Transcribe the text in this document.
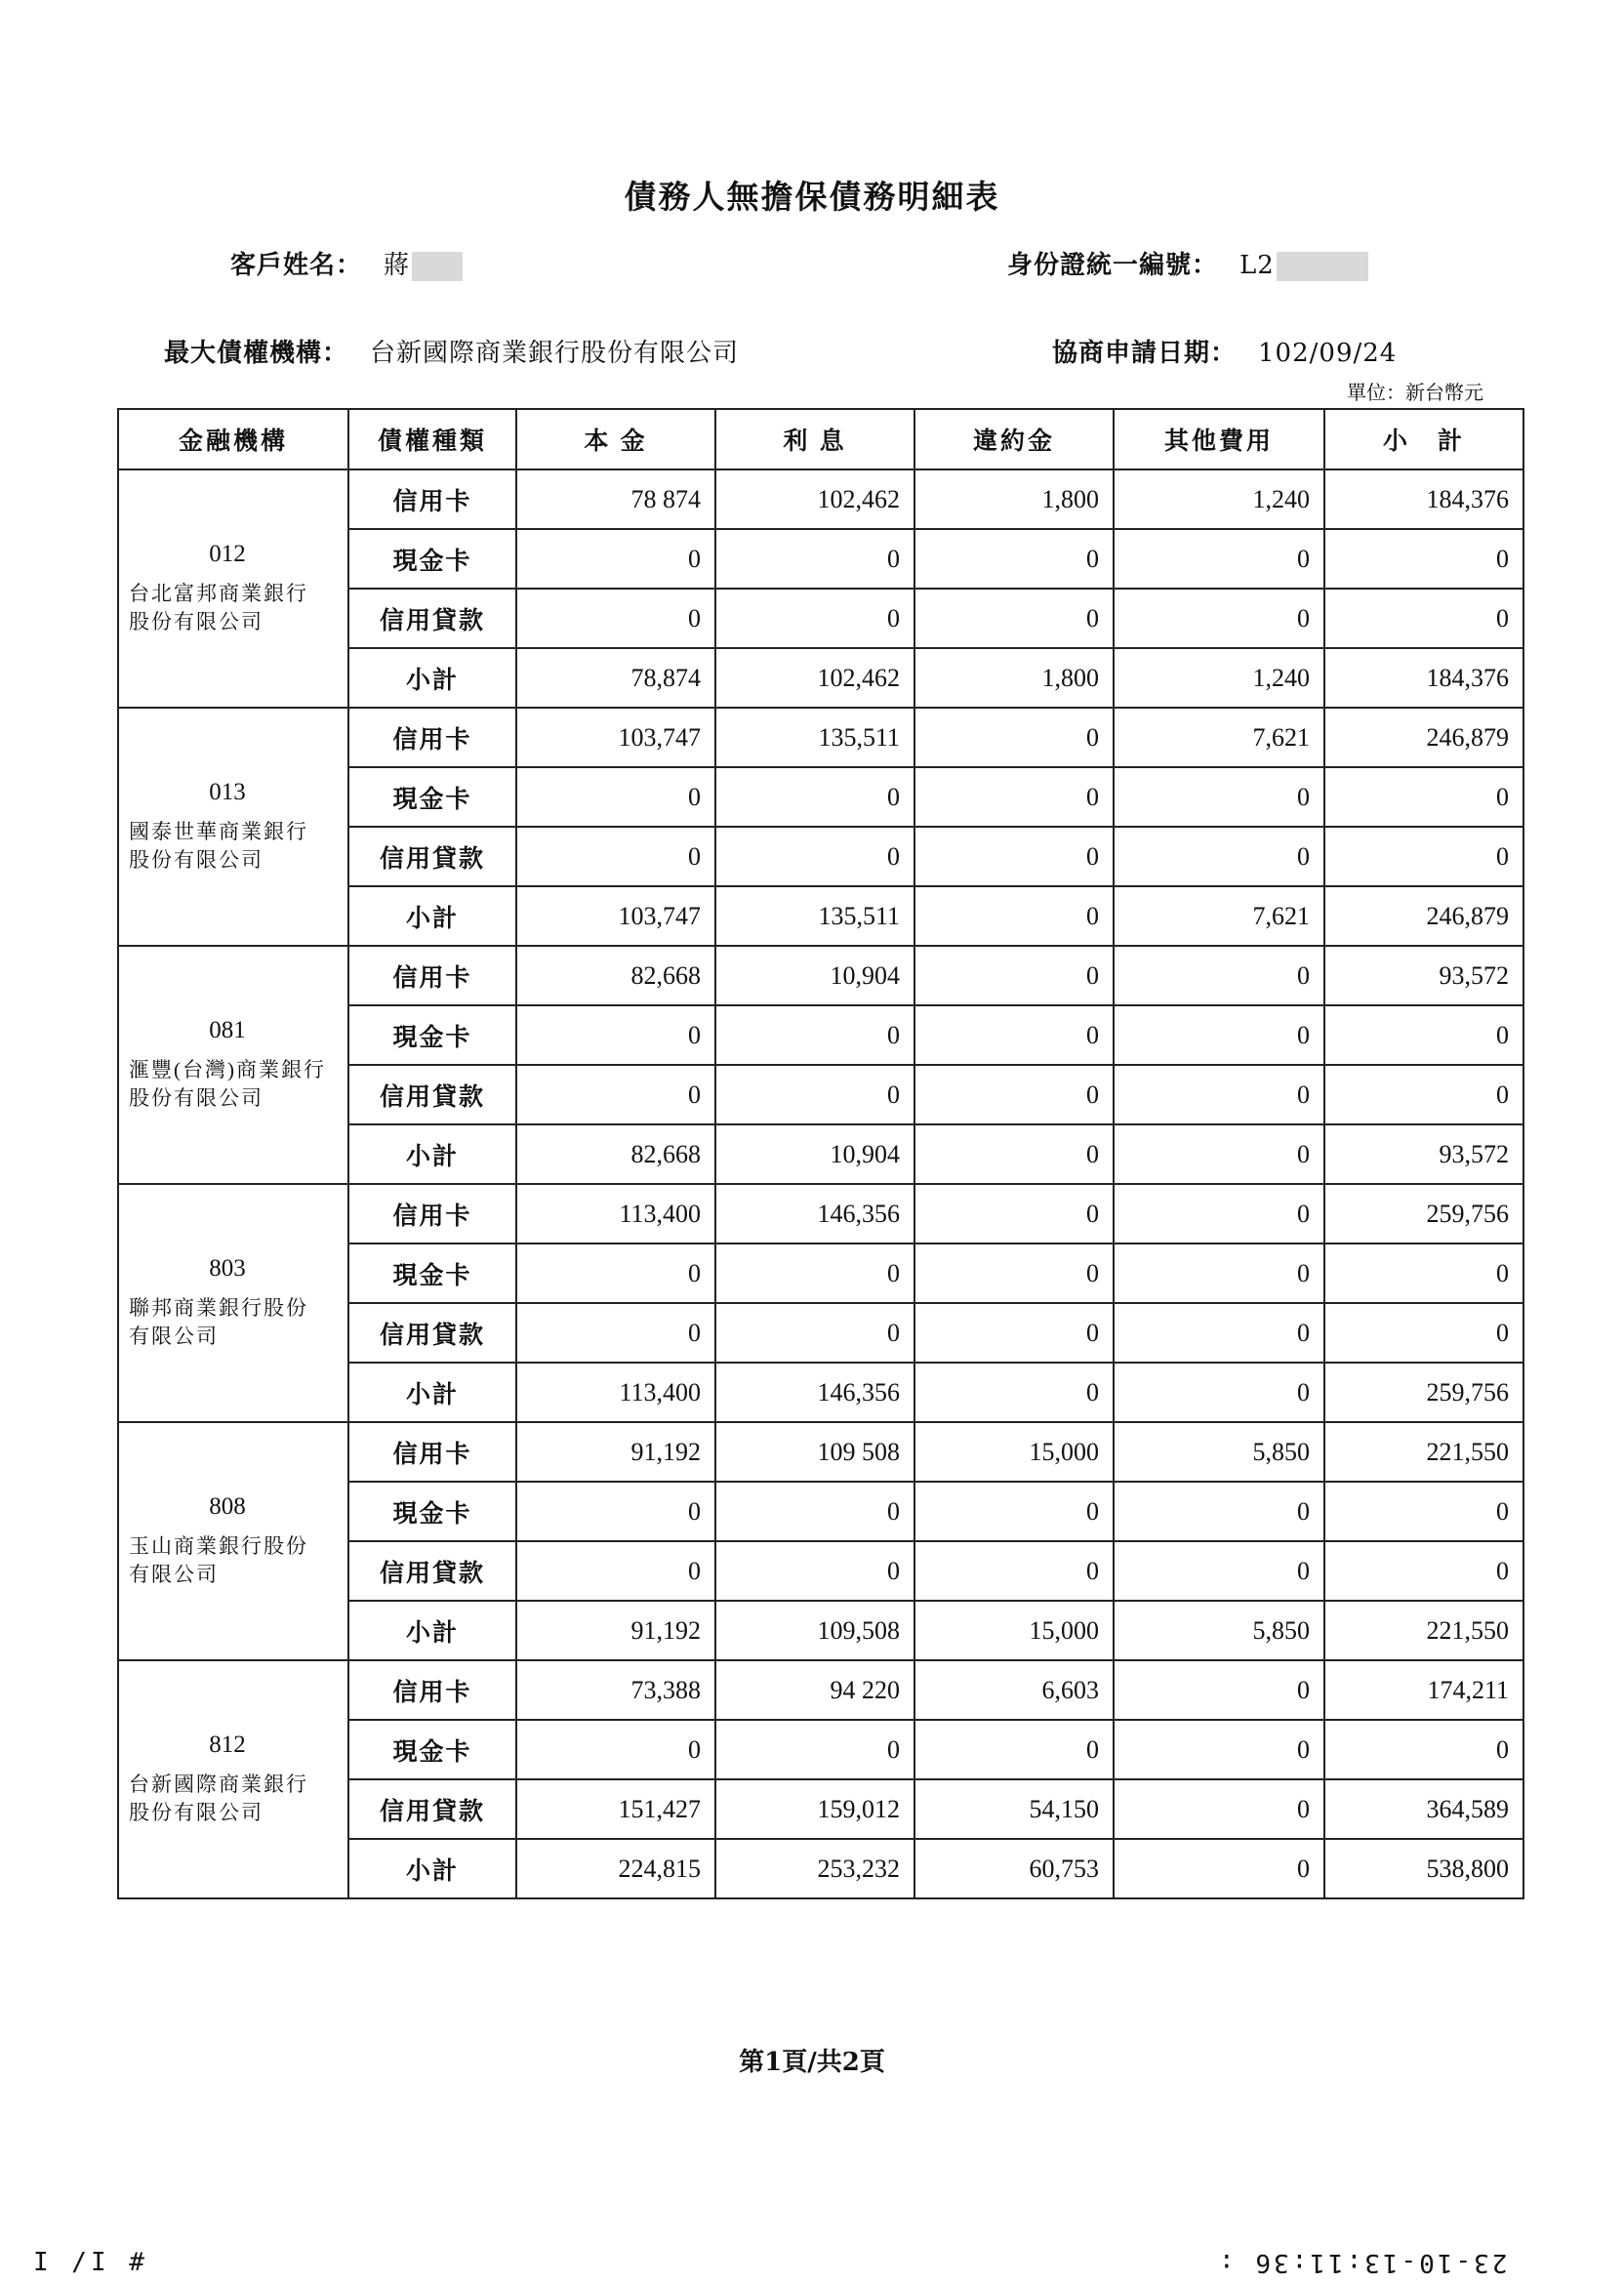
債務人無擔保債務明細表
客戶姓名： 蔣	身份證統一編號： L2
最大債權機構： 台新國際商業銀行股份有限公司	協商申請日期： 102/09/24
單位：新台幣元
金融機構	債權種類	本 金	利 息	違約金	其他費用	小　計

012
台北富邦商業銀行股份有限公司	信用卡	78 874	102,462	1,800	1,240	184,376
	現金卡	0	0	0	0	0
	信用貸款	0	0	0	0	0
	小計	78,874	102,462	1,800	1,240	184,376

013
國泰世華商業銀行股份有限公司	信用卡	103,747	135,511	0	7,621	246,879
	現金卡	0	0	0	0	0
	信用貸款	0	0	0	0	0
	小計	103,747	135,511	0	7,621	246,879

081
滙豐(台灣)商業銀行股份有限公司	信用卡	82,668	10,904	0	0	93,572
	現金卡	0	0	0	0	0
	信用貸款	0	0	0	0	0
	小計	82,668	10,904	0	0	93,572

803
聯邦商業銀行股份有限公司	信用卡	113,400	146,356	0	0	259,756
	現金卡	0	0	0	0	0
	信用貸款	0	0	0	0	0
	小計	113,400	146,356	0	0	259,756

808
玉山商業銀行股份有限公司	信用卡	91,192	109 508	15,000	5,850	221,550
	現金卡	0	0	0	0	0
	信用貸款	0	0	0	0	0
	小計	91,192	109,508	15,000	5,850	221,550

812
台新國際商業銀行股份有限公司	信用卡	73,388	94 220	6,603	0	174,211
	現金卡	0	0	0	0	0
	信用貸款	151,427	159,012	54,150	0	364,589
	小計	224,815	253,232	60,753	0	538,800
第1頁/共2頁
I /I #	23-10-13:11:36 :
